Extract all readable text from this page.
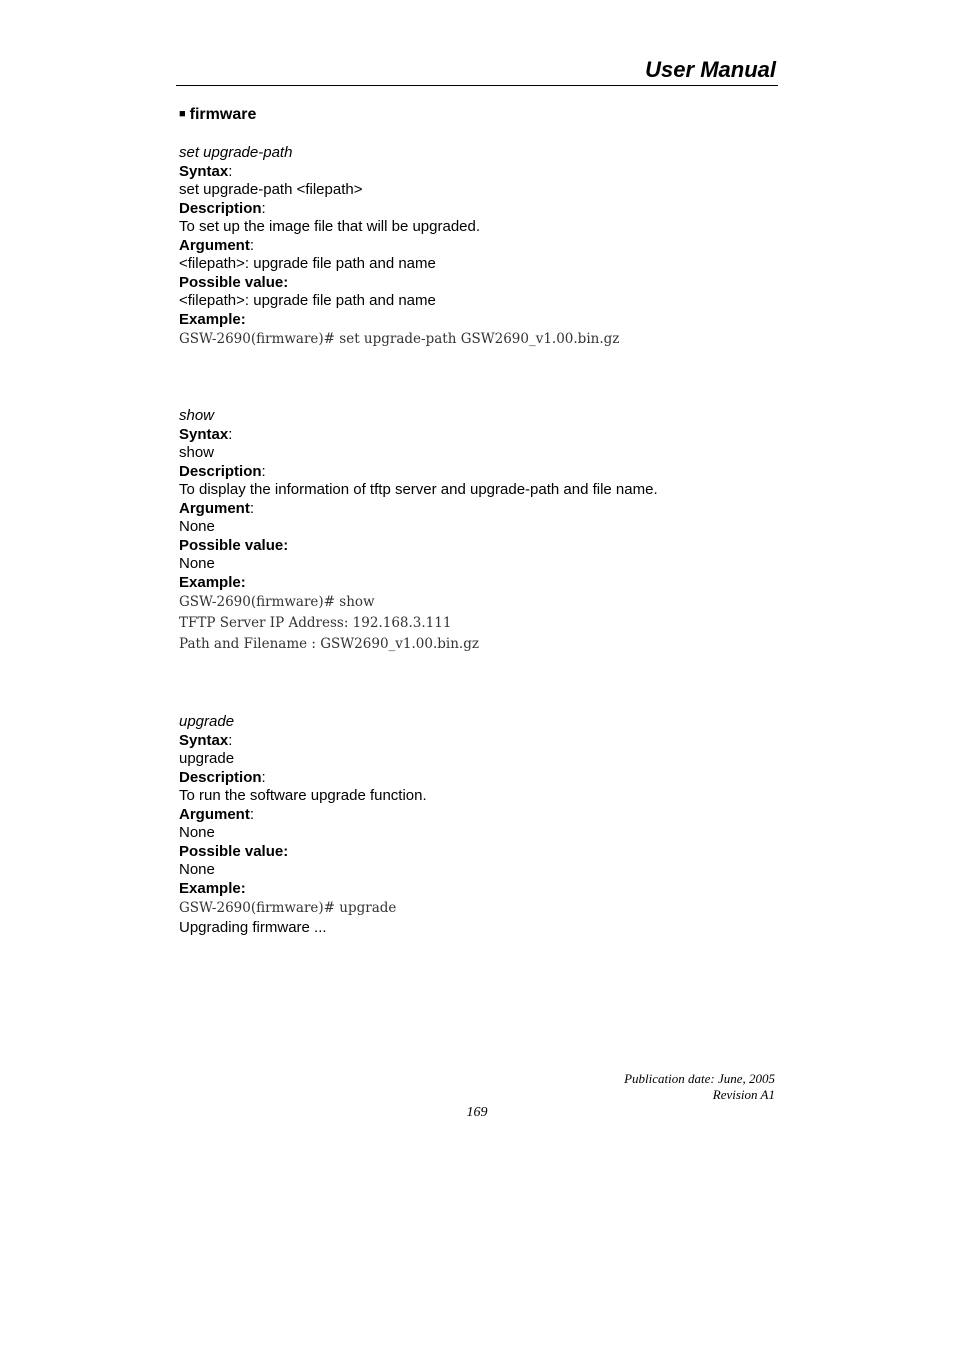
User Manual
■ firmware

set upgrade-path

Syntax:

set upgrade-path <filepath>

Description:

To set up the image file that will be upgraded.

Argument:

<filepath>: upgrade file path and name

Possible value:

<filepath>: upgrade file path and name

Example:

GSW-2690(firmware)# set upgrade-path GSW2690_v1.00.bin.gz

show

Syntax:

show

Description:

To display the information of tftp server and upgrade-path and file name.

Argument:

None

Possible value:

None

Example:

GSW-2690(firmware)# show

TFTP Server IP Address: 192.168.3.111

Path and Filename : GSW2690_v1.00.bin.gz

upgrade

Syntax:

upgrade

Description:

To run the software upgrade function.

Argument:

None

Possible value:

None

Example:

GSW-2690(firmware)# upgrade

Upgrading firmware ...

Publication date: June, 2005
Revision A1
169
